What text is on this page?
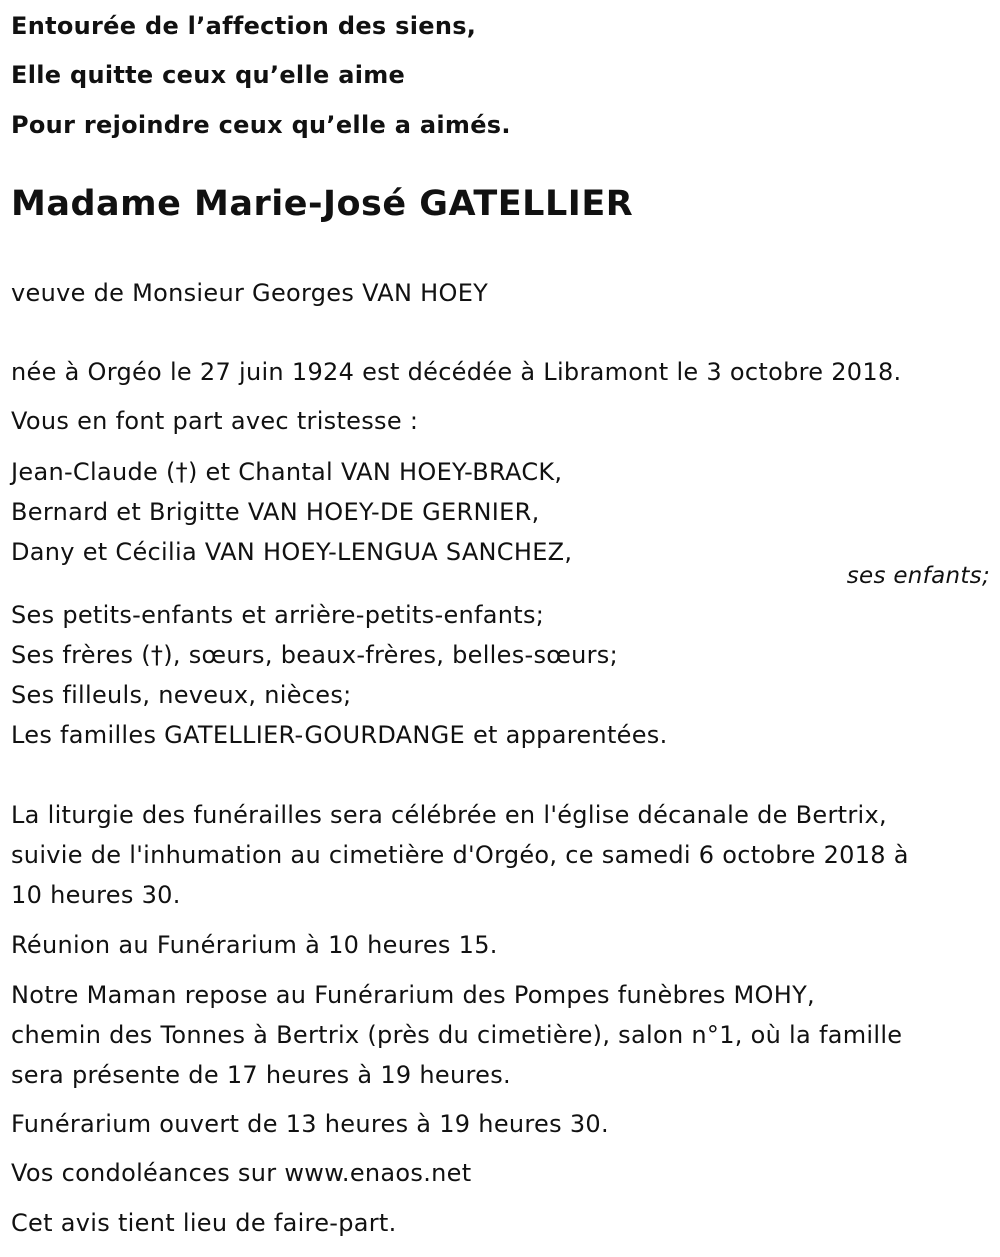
Entourée de l’affection des siens,
Elle quitte ceux qu’elle aime
Pour rejoindre ceux qu’elle a aimés.
Madame Marie-José GATELLIER
veuve de Monsieur Georges VAN HOEY
née à Orgéo le 27 juin 1924 est décédée à Libramont le 3 octobre 2018.
Vous en font part avec tristesse :
Jean-Claude (†) et Chantal VAN HOEY-BRACK,
Bernard et Brigitte VAN HOEY-DE GERNIER,
Dany et Cécilia VAN HOEY-LENGUA SANCHEZ,
ses enfants;
Ses petits-enfants et arrière-petits-enfants;
Ses frères (†), sœurs, beaux-frères, belles-sœurs;
Ses filleuls, neveux, nièces;
Les familles GATELLIER-GOURDANGE et apparentées.
La liturgie des funérailles sera célébrée en l'église décanale de Bertrix,
suivie de l'inhumation au cimetière d'Orgéo, ce samedi 6 octobre 2018 à
10 heures 30.
Réunion au Funérarium à 10 heures 15.
Notre Maman repose au Funérarium des Pompes funèbres MOHY,
chemin des Tonnes à Bertrix (près du cimetière), salon n°1, où la famille
sera présente de 17 heures à 19 heures.
Funérarium ouvert de 13 heures à 19 heures 30.
Vos condoléances sur www.enaos.net
Cet avis tient lieu de faire-part.
